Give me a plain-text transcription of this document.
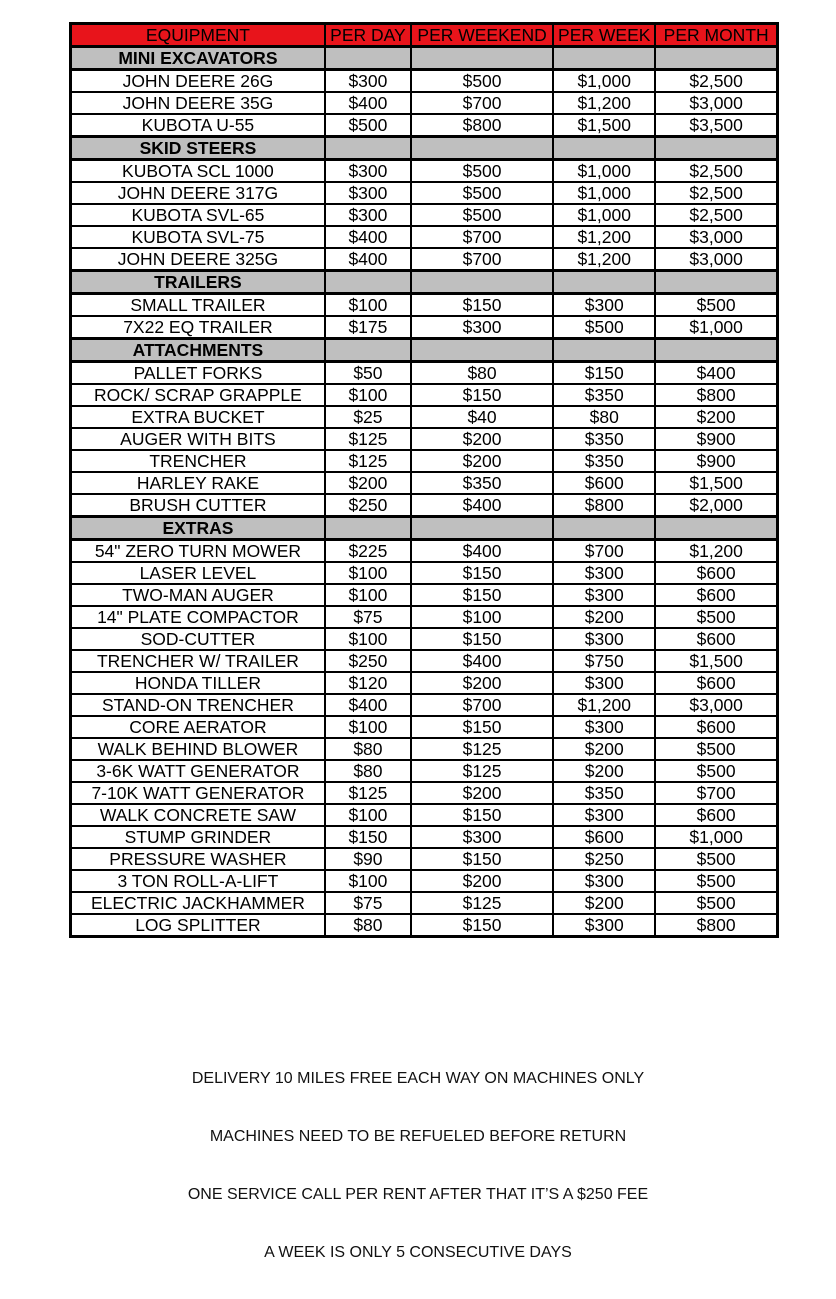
EQUIPMENT	PER DAY	PER WEEKEND	PER WEEK	PER MONTH
MINI EXCAVATORS				
JOHN DEERE 26G	$300	$500	$1,000	$2,500
JOHN DEERE 35G	$400	$700	$1,200	$3,000
KUBOTA U-55	$500	$800	$1,500	$3,500
SKID STEERS				
KUBOTA SCL 1000	$300	$500	$1,000	$2,500
JOHN DEERE 317G	$300	$500	$1,000	$2,500
KUBOTA SVL-65	$300	$500	$1,000	$2,500
KUBOTA SVL-75	$400	$700	$1,200	$3,000
JOHN DEERE 325G	$400	$700	$1,200	$3,000
TRAILERS				
SMALL TRAILER	$100	$150	$300	$500
7X22 EQ TRAILER	$175	$300	$500	$1,000
ATTACHMENTS				
PALLET FORKS	$50	$80	$150	$400
ROCK/ SCRAP GRAPPLE	$100	$150	$350	$800
EXTRA BUCKET	$25	$40	$80	$200
AUGER WITH BITS	$125	$200	$350	$900
TRENCHER	$125	$200	$350	$900
HARLEY RAKE	$200	$350	$600	$1,500
BRUSH CUTTER	$250	$400	$800	$2,000
EXTRAS				
54" ZERO TURN MOWER	$225	$400	$700	$1,200
LASER LEVEL	$100	$150	$300	$600
TWO-MAN AUGER	$100	$150	$300	$600
14" PLATE COMPACTOR	$75	$100	$200	$500
SOD-CUTTER	$100	$150	$300	$600
TRENCHER W/ TRAILER	$250	$400	$750	$1,500
HONDA TILLER	$120	$200	$300	$600
STAND-ON TRENCHER	$400	$700	$1,200	$3,000
CORE AERATOR	$100	$150	$300	$600
WALK BEHIND BLOWER	$80	$125	$200	$500
3-6K WATT GENERATOR	$80	$125	$200	$500
7-10K WATT GENERATOR	$125	$200	$350	$700
WALK CONCRETE SAW	$100	$150	$300	$600
STUMP GRINDER	$150	$300	$600	$1,000
PRESSURE WASHER	$90	$150	$250	$500
3 TON ROLL-A-LIFT	$100	$200	$300	$500
ELECTRIC JACKHAMMER	$75	$125	$200	$500
LOG SPLITTER	$80	$150	$300	$800
DELIVERY 10 MILES FREE EACH WAY ON MACHINES ONLY
MACHINES NEED TO BE REFUELED BEFORE RETURN
ONE SERVICE CALL PER RENT AFTER THAT IT’S A $250 FEE
A WEEK IS ONLY 5 CONSECUTIVE DAYS
